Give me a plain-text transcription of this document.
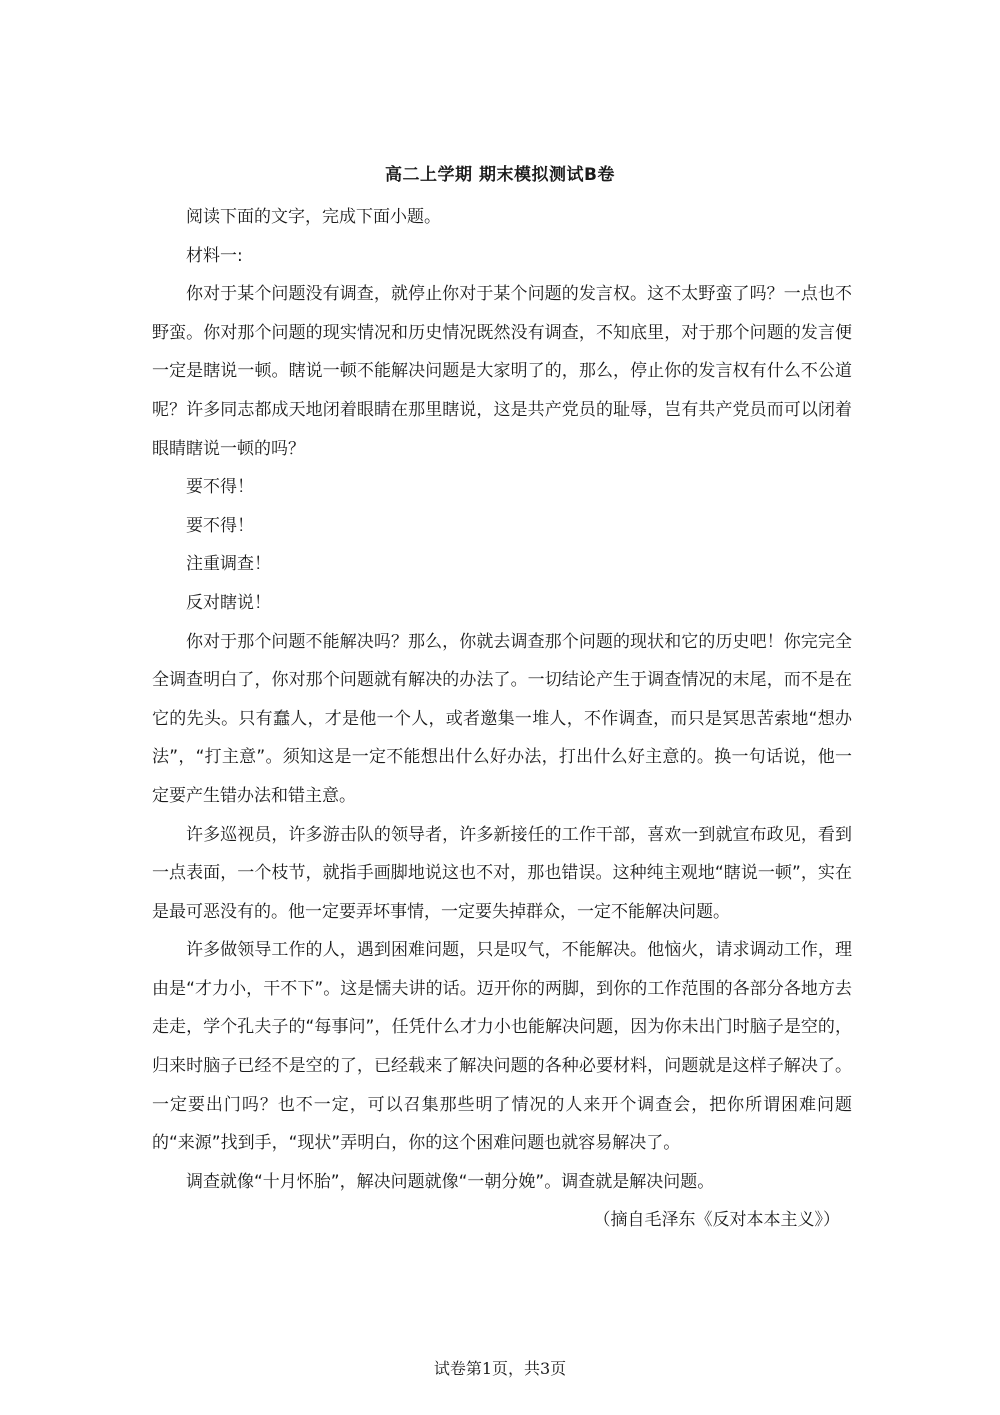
高二上学期 期末模拟测试B卷

阅读下面的文字，完成下面小题。

材料一:

你对于某个问题没有调查，就停止你对于某个问题的发言权。这不太野蛮了吗？一点也不野蛮。你对那个问题的现实情况和历史情况既然没有调查，不知底里，对于那个问题的发言便一定是瞎说一顿。瞎说一顿不能解决问题是大家明了的，那么，停止你的发言权有什么不公道呢？许多同志都成天地闭着眼睛在那里瞎说，这是共产党员的耻辱，岂有共产党员而可以闭着眼睛瞎说一顿的吗？

要不得！

要不得！

注重调查！

反对瞎说！

你对于那个问题不能解决吗？那么，你就去调查那个问题的现状和它的历史吧！你完完全全调查明白了，你对那个问题就有解决的办法了。一切结论产生于调查情况的末尾，而不是在它的先头。只有蠢人，才是他一个人，或者邀集一堆人，不作调查，而只是冥思苦索地“想办法”，“打主意”。须知这是一定不能想出什么好办法，打出什么好主意的。换一句话说，他一定要产生错办法和错主意。

许多巡视员，许多游击队的领导者，许多新接任的工作干部，喜欢一到就宣布政见，看到一点表面，一个枝节，就指手画脚地说这也不对，那也错误。这种纯主观地“瞎说一顿”，实在是最可恶没有的。他一定要弄坏事情，一定要失掉群众，一定不能解决问题。

许多做领导工作的人，遇到困难问题，只是叹气，不能解决。他恼火，请求调动工作，理由是“才力小，干不下”。这是懦夫讲的话。迈开你的两脚，到你的工作范围的各部分各地方去走走，学个孔夫子的“每事问”，任凭什么才力小也能解决问题，因为你未出门时脑子是空的，归来时脑子已经不是空的了，已经载来了解决问题的各种必要材料，问题就是这样子解决了。一定要出门吗？也不一定，可以召集那些明了情况的人来开个调查会，把你所谓困难问题的“来源”找到手，“现状”弄明白，你的这个困难问题也就容易解决了。

调查就像“十月怀胎”，解决问题就像“一朝分娩”。调查就是解决问题。

（摘自毛泽东《反对本本主义》）

试卷第1页，共3页
